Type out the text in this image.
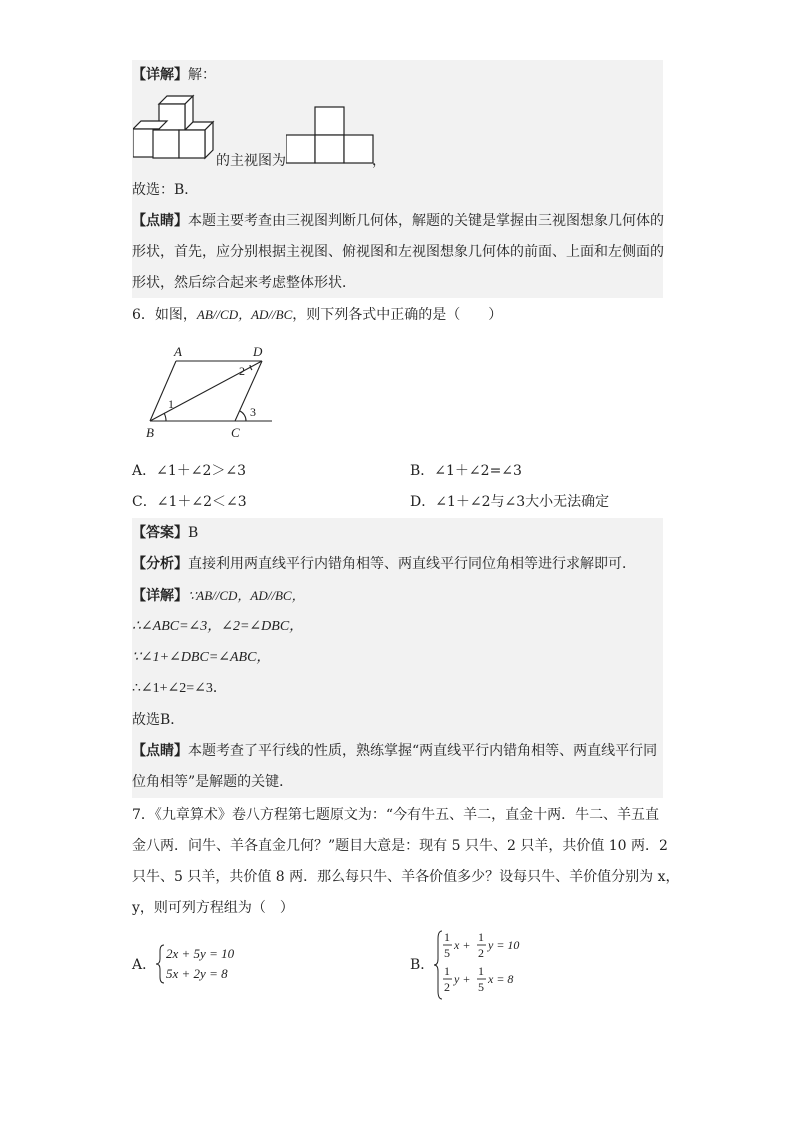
【详解】解：
的主视图为	，
故选：B．
【点睛】本题主要考查由三视图判断几何体，解题的关键是掌握由三视图想象几何体的
形状，首先，应分别根据主视图、俯视图和左视图想象几何体的前面、上面和左侧面的
形状，然后综合起来考虑整体形状．
6．如图，AB//CD，AD//BC，则下列各式中正确的是（　　）
A	D
B	C
1
2
3
A．∠1＋∠2＞∠3	B．∠1＋∠2=∠3
C．∠1＋∠2＜∠3	D．∠1＋∠2与∠3大小无法确定
【答案】B
【分析】直接利用两直线平行内错角相等、两直线平行同位角相等进行求解即可．
【详解】∵AB//CD，AD//BC，
∴∠ABC=∠3，∠2=∠DBC，
∵∠1+∠DBC=∠ABC，
∴∠1+∠2=∠3．
故选B．
【点睛】本题考查了平行线的性质，熟练掌握“两直线平行内错角相等、两直线平行同
位角相等”是解题的关键．
7．《九章算术》卷八方程第七题原文为：“今有牛五、羊二，直金十两．牛二、羊五直
金八两．问牛、羊各直金几何？”题目大意是：现有 5 只牛、2 只羊，共价值 10 两．2
只牛、5 只羊，共价值 8 两．那么每只牛、羊各价值多少？设每只牛、羊价值分别为 x，
y，则可列方程组为（　）
A．
2x + 5y = 10
5x + 2y = 8
B．
1
5
x +
1
2
y = 10
1
2
y +
1
5
x = 8
